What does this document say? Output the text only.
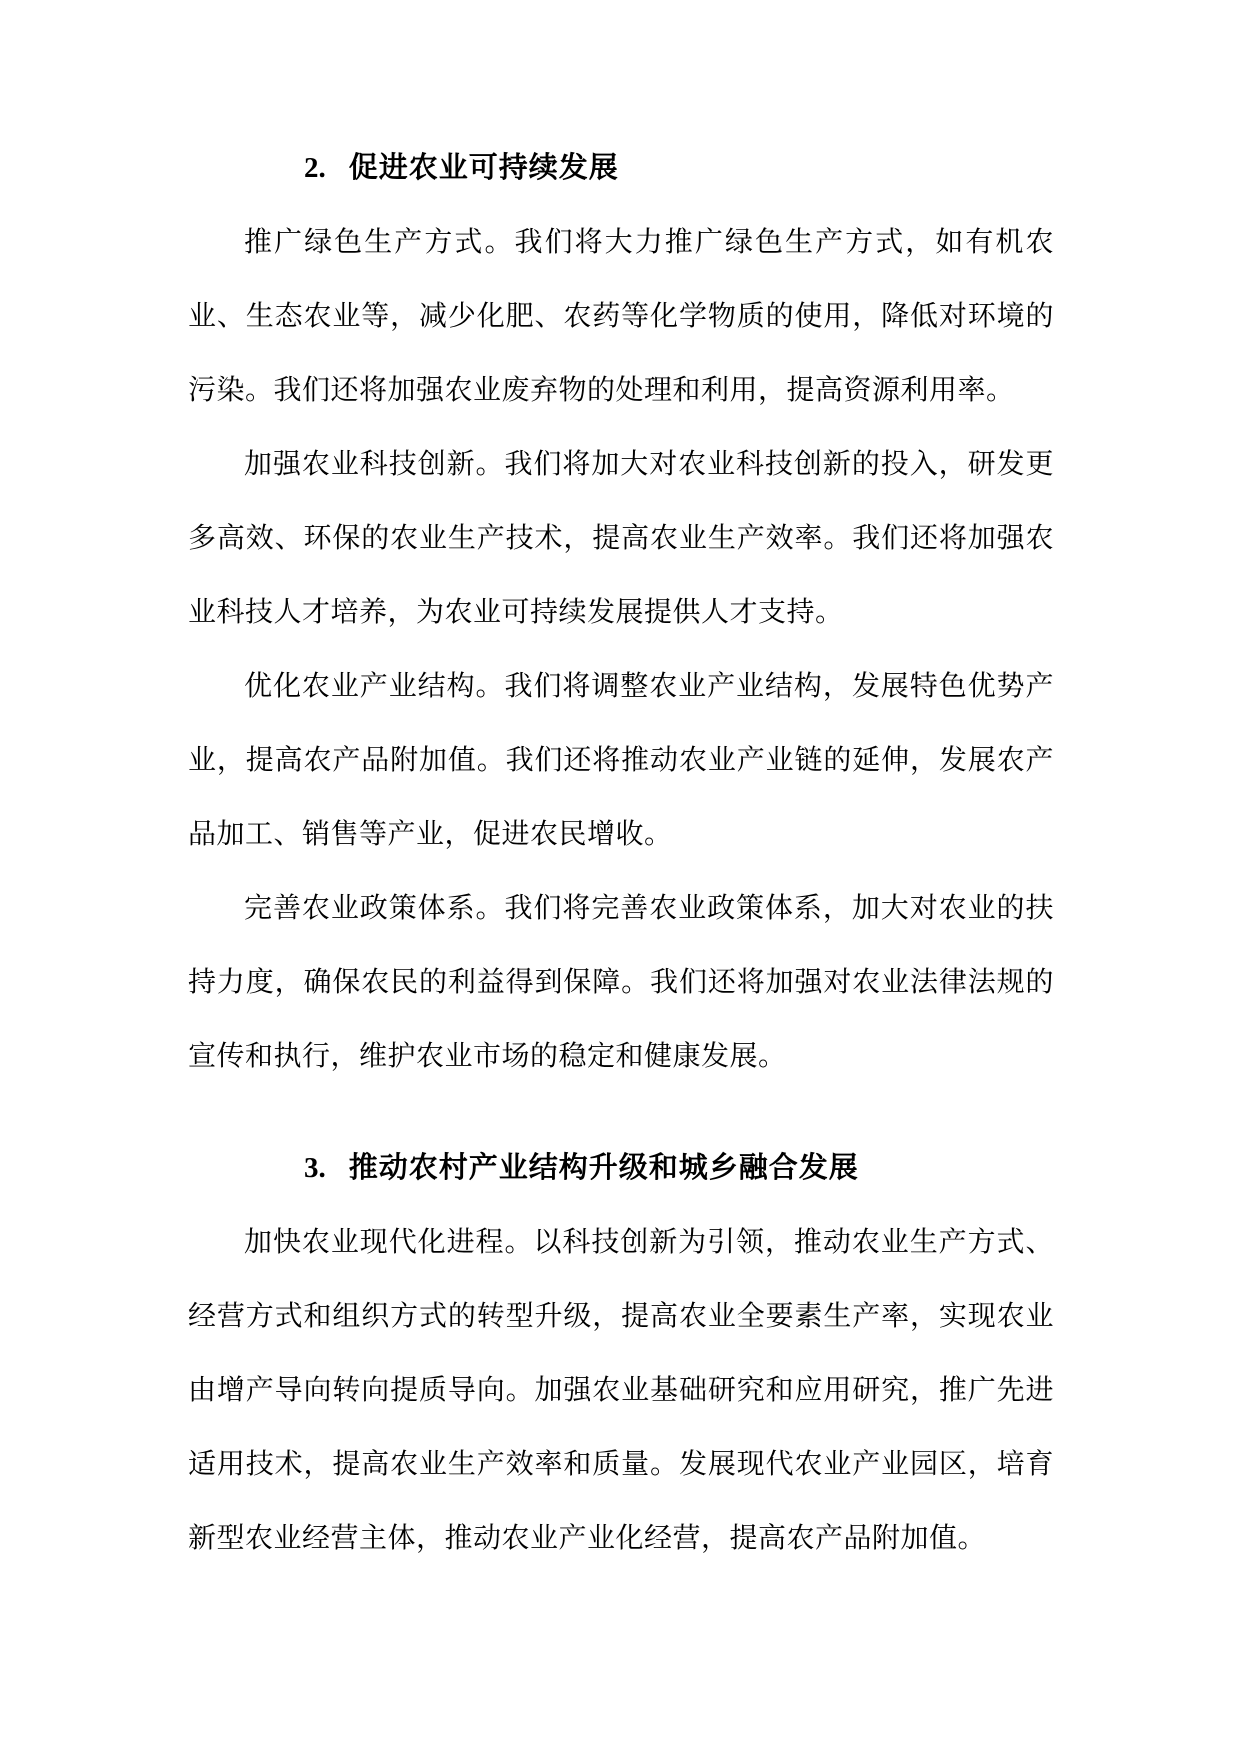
2. 促进农业可持续发展

推广绿色生产方式。我们将大力推广绿色生产方式，如有机农业、生态农业等，减少化肥、农药等化学物质的使用，降低对环境的污染。我们还将加强农业废弃物的处理和利用，提高资源利用率。

加强农业科技创新。我们将加大对农业科技创新的投入，研发更多高效、环保的农业生产技术，提高农业生产效率。我们还将加强农业科技人才培养，为农业可持续发展提供人才支持。

优化农业产业结构。我们将调整农业产业结构，发展特色优势产业，提高农产品附加值。我们还将推动农业产业链的延伸，发展农产品加工、销售等产业，促进农民增收。

完善农业政策体系。我们将完善农业政策体系，加大对农业的扶持力度，确保农民的利益得到保障。我们还将加强对农业法律法规的宣传和执行，维护农业市场的稳定和健康发展。

3. 推动农村产业结构升级和城乡融合发展

加快农业现代化进程。以科技创新为引领，推动农业生产方式、经营方式和组织方式的转型升级，提高农业全要素生产率，实现农业由增产导向转向提质导向。加强农业基础研究和应用研究，推广先进适用技术，提高农业生产效率和质量。发展现代农业产业园区，培育新型农业经营主体，推动农业产业化经营，提高农产品附加值。
